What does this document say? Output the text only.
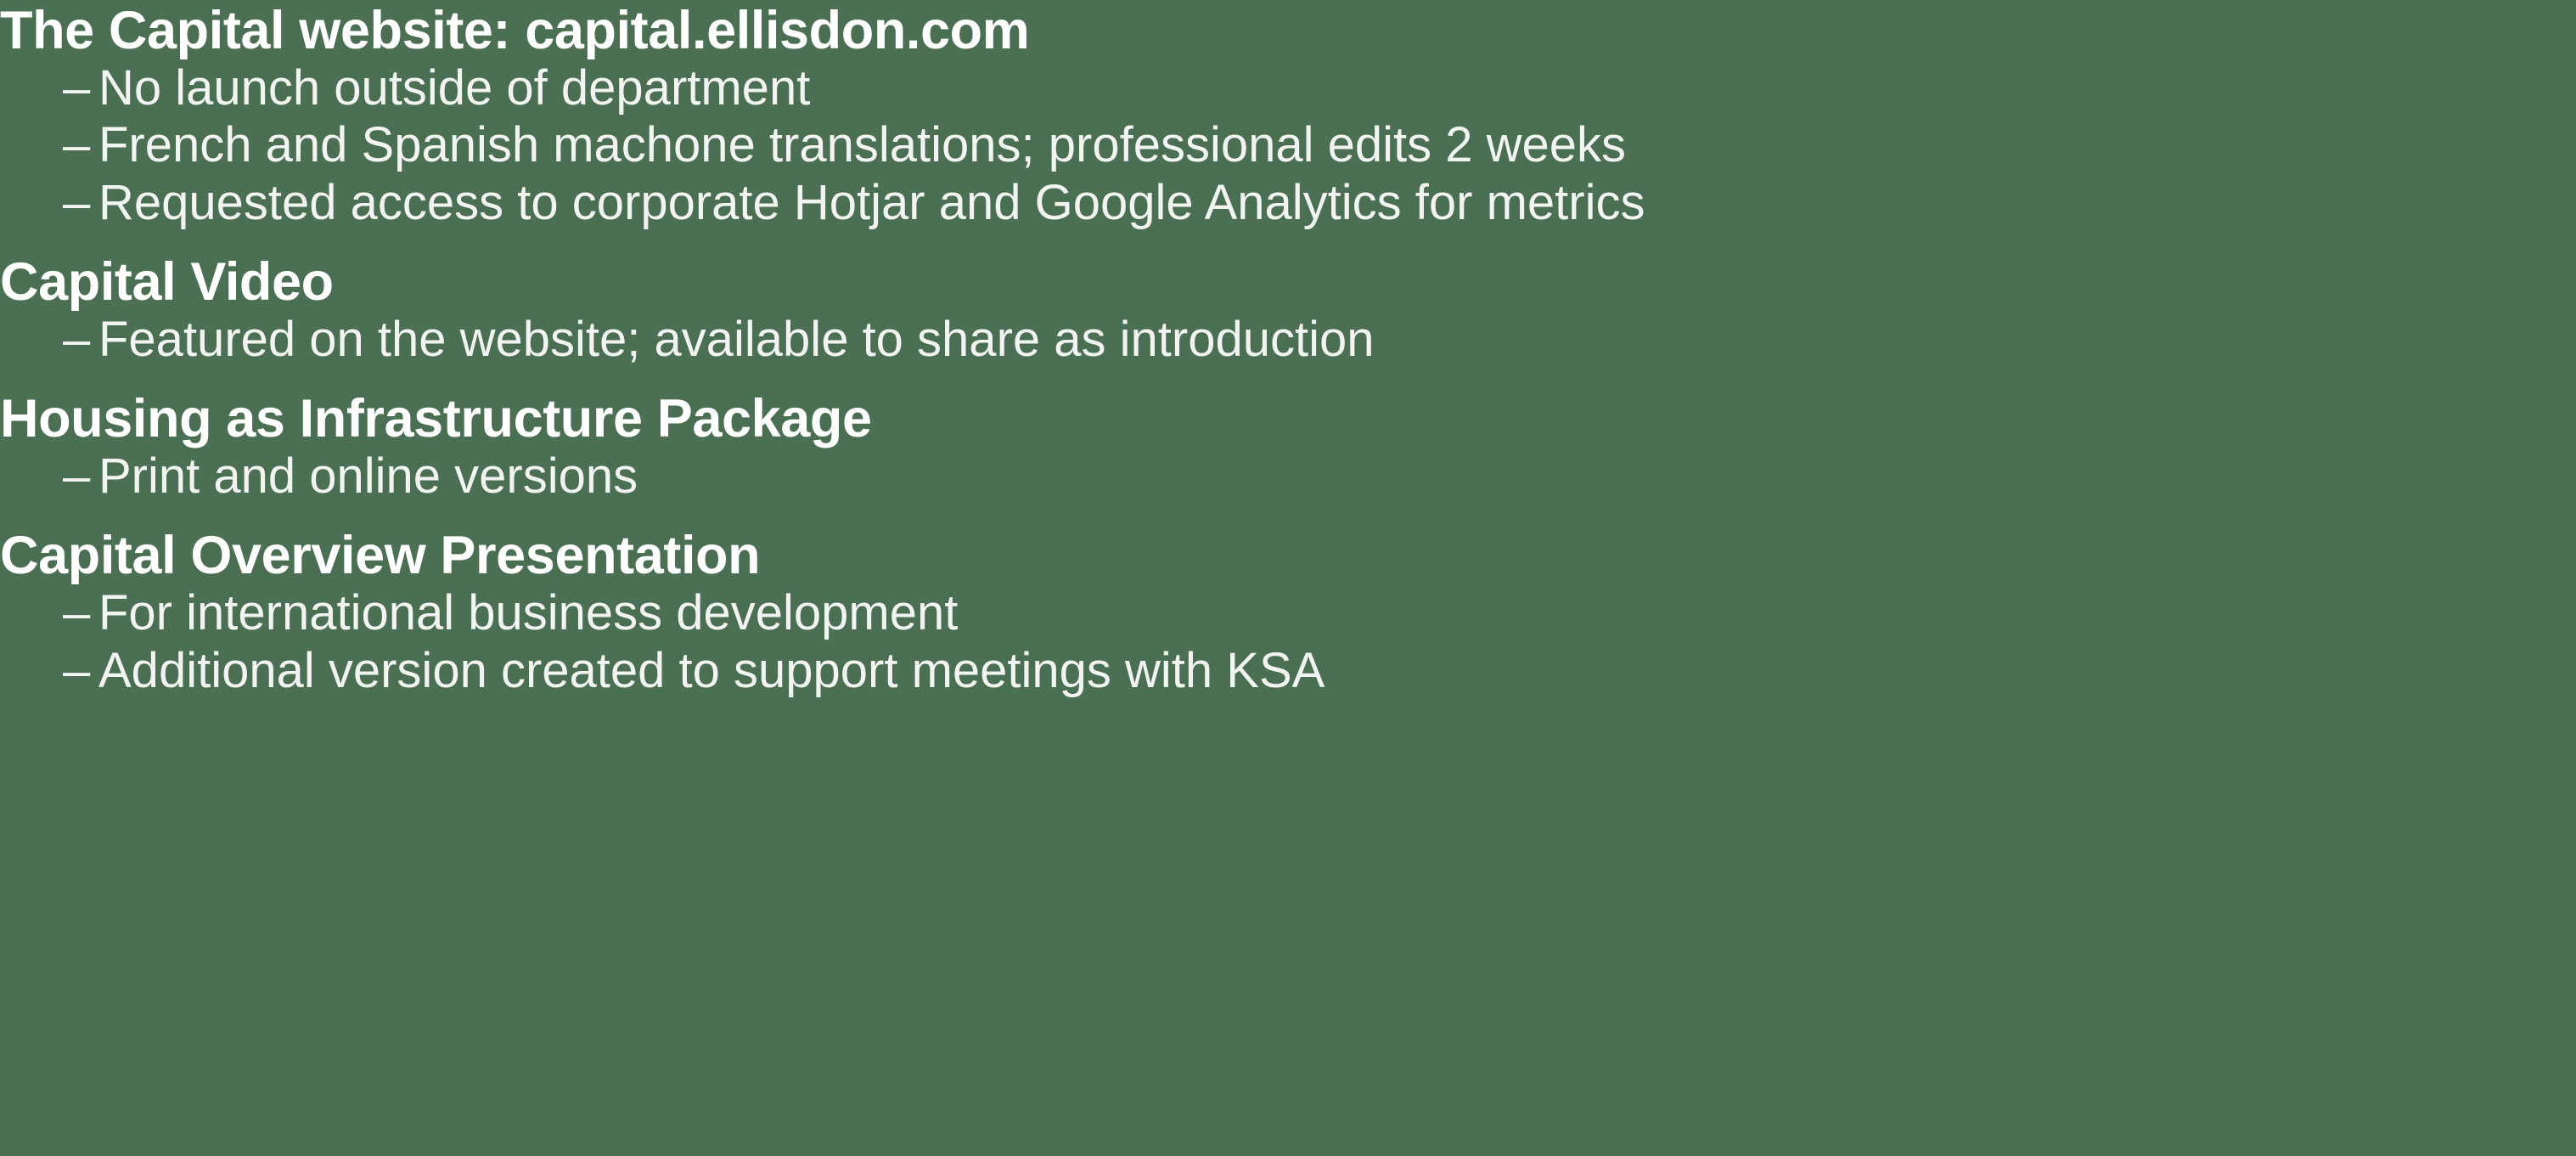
The Capital website: capital.ellisdon.com
– No launch outside of department
– French and Spanish machone translations; professional edits 2 weeks
– Requested access to corporate Hotjar and Google Analytics for metrics
Capital Video
– Featured on the website; available to share as introduction
Housing as Infrastructure Package
– Print and online versions
Capital Overview Presentation
– For international business development
– Additional version created to support meetings with KSA
